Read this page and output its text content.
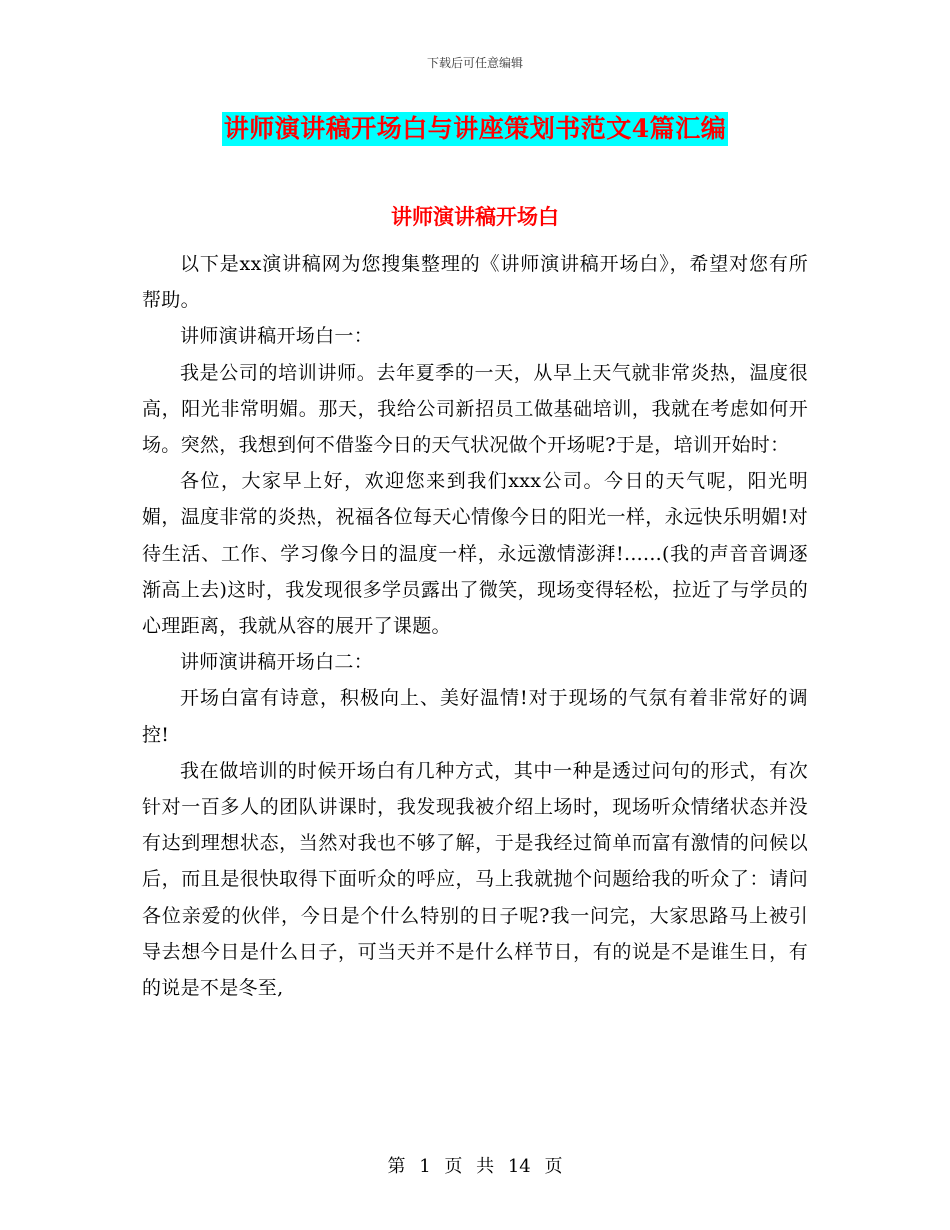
下载后可任意编辑
讲师演讲稿开场白与讲座策划书范文4篇汇编
讲师演讲稿开场白

以下是xx演讲稿网为您搜集整理的《讲师演讲稿开场白》，希望对您有所帮助。

讲师演讲稿开场白一：

我是公司的培训讲师。去年夏季的一天，从早上天气就非常炎热，温度很高，阳光非常明媚。那天，我给公司新招员工做基础培训，我就在考虑如何开场。突然，我想到何不借鉴今日的天气状况做个开场呢?于是，培训开始时：

各位，大家早上好，欢迎您来到我们xxx公司。今日的天气呢，阳光明媚，温度非常的炎热，祝福各位每天心情像今日的阳光一样，永远快乐明媚!对待生活、工作、学习像今日的温度一样，永远激情澎湃!......(我的声音音调逐渐高上去)这时，我发现很多学员露出了微笑，现场变得轻松，拉近了与学员的心理距离，我就从容的展开了课题。

讲师演讲稿开场白二：

开场白富有诗意，积极向上、美好温情!对于现场的气氛有着非常好的调控!

我在做培训的时候开场白有几种方式，其中一种是透过问句的形式，有次针对一百多人的团队讲课时，我发现我被介绍上场时，现场听众情绪状态并没有达到理想状态，当然对我也不够了解，于是我经过简单而富有激情的问候以后，而且是很快取得下面听众的呼应，马上我就抛个问题给我的听众了：请问各位亲爱的伙伴，今日是个什么特别的日子呢?我一问完，大家思路马上被引导去想今日是什么日子，可当天并不是什么样节日，有的说是不是谁生日，有的说是不是冬至,

第 1 页 共 14 页
